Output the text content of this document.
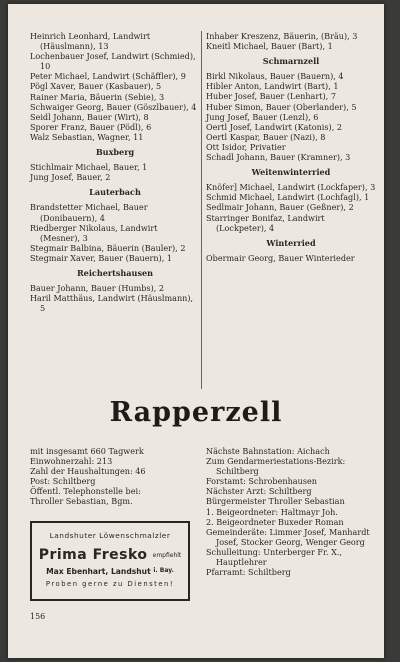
Heinrich Leonhard, Landwirt (Häuslmann), 13
Lochenbauer Josef, Landwirt (Schmied), 10
Peter Michael, Landwirt (Schäffler), 9
Pögl Xaver, Bauer (Kasbauer), 5
Rainer Maria, Bäuerin (Sebie), 3
Schwaiger Georg, Bauer (Göszlbauer), 4
Seidl Johann, Bauer (Wirt), 8
Sporer Franz, Bauer (Pödl), 6
Walz Sebastian, Wagner, 11
Buxberg
Stichlmair Michael, Bauer, 1
Jung Josef, Bauer, 2
Lauterbach
Brandstetter Michael, Bauer (Donibauern), 4
Riedberger Nikolaus, Landwirt (Mesner), 3
Stegmair Balbina, Bäuerin (Bauler), 2
Stegmair Xaver, Bauer (Bauern), 1
Reichertshausen
Bauer Johann, Bauer (Humbs), 2
Haril Matthäus, Landwirt (Häuslmann), 5
Inhaber Kreszenz, Bäuerin, (Bräu), 3
Kneitl Michael, Bauer (Bart), 1
Schmarnzell
Birkl Nikolaus, Bauer (Bauern), 4
Hibler Anton, Landwirt (Bart), 1
Huber Josef, Bauer (Lenhart), 7
Huber Simon, Bauer (Oberlander), 5
Jung Josef, Bauer (Lenzl), 6
Oertl Josef, Landwirt (Katonis), 2
Oertl Kaspar, Bauer (Nazi), 8
Ott Isidor, Privatier
Schadl Johann, Bauer (Kramner), 3
Weitenwinterried
Knöfer] Michael, Landwirt (Lockfaper), 3
Schmid Michael, Landwirt (Lochfagl), 1
Sedlmair Johann, Bauer (Geßner), 2
Starringer Bonifaz, Landwirt (Lockpeter), 4
Winterried
Obermair Georg, Bauer Winterieder
Rapperzell
mit insgesamt 660 Tagwerk
Einwohnerzahl: 213
Zahl der Haushaltungen: 46
Post: Schiltberg
Öffentl. Telephonstelle bei:
Throller Sebastian, Bgm.
Nächste Bahnstation: Aichach
Zum Gendarmeriestations-Bezirk: Schiltberg
Forstamt: Schrobenhausen
Nächster Arzt: Schiltberg
Bürgermeister Throller Sebastian
1. Beigeordneter: Haltmayr Joh.
2. Beigeordneter Buxeder Roman
Gemeinderäte: Limmer Josef, Manhardt Josef, Stocker Georg, Wenger Georg
Schulleitung: Unterberger Fr. X., Hauptlehrer
Pfarramt: Schiltberg
Landshuter Löwenschmalzler
Prima Fresko empfiehlt
Max Ebenhart, Landshut $^{i. Bay.}$
Proben gerne zu Diensten!
156
